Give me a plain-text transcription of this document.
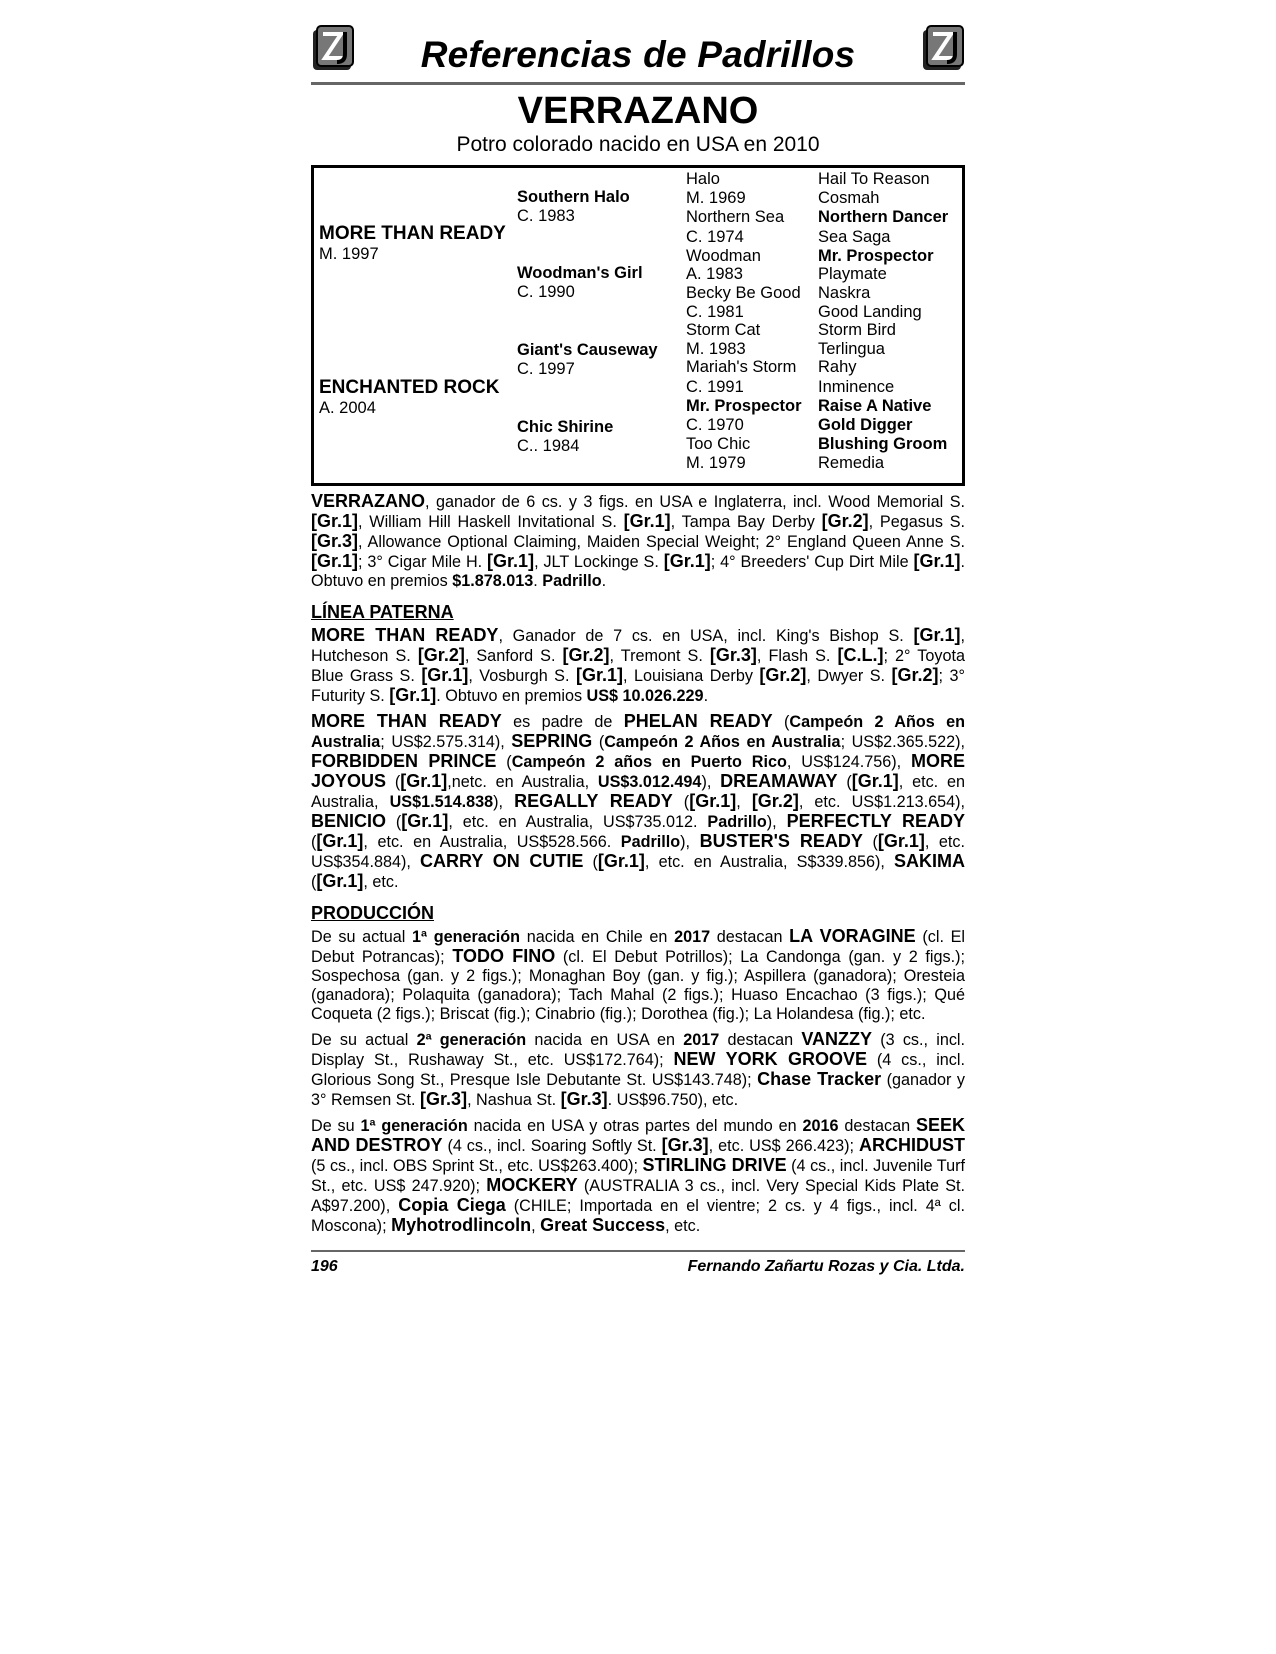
Referencias de Padrillos
VERRAZANO
Potro colorado nacido en USA en 2010
MORE THAN READY
M. 1997
ENCHANTED ROCK
A. 2004
Southern Halo
C. 1983
Woodman's Girl
C. 1990
Giant's Causeway
C. 1997
Chic Shirine
C.. 1984
Halo
M. 1969
Northern Sea
C. 1974
Woodman
A. 1983
Becky Be Good
C. 1981
Storm Cat
M. 1983
Mariah's Storm
C. 1991
Mr. Prospector
C. 1970
Too Chic
M. 1979
Hail To Reason
Cosmah
Northern Dancer
Sea Saga
Mr. Prospector
Playmate
Naskra
Good Landing
Storm Bird
Terlingua
Rahy
Inminence
Raise A Native
Gold Digger
Blushing Groom
Remedia

VERRAZANO, ganador de 6 cs. y 3 figs. en USA e Inglaterra, incl. Wood Memorial S. [Gr.1], William Hill Haskell Invitational S. [Gr.1], Tampa Bay Derby [Gr.2], Pegasus S. [Gr.3], Allowance Optional Claiming, Maiden Special Weight; 2° England Queen Anne S. [Gr.1]; 3° Cigar Mile H. [Gr.1], JLT Lockinge S. [Gr.1]; 4° Breeders' Cup Dirt Mile [Gr.1]. Obtuvo en premios $1.878.013. Padrillo.

LÍNEA PATERNA

MORE THAN READY, Ganador de 7 cs. en USA, incl. King's Bishop S. [Gr.1], Hutcheson S. [Gr.2], Sanford S. [Gr.2], Tremont S. [Gr.3], Flash S. [C.L.]; 2° Toyota Blue Grass S. [Gr.1], Vosburgh S. [Gr.1], Louisiana Derby [Gr.2], Dwyer S. [Gr.2]; 3° Futurity S. [Gr.1]. Obtuvo en premios US$ 10.026.229.

MORE THAN READY es padre de PHELAN READY (Campeón 2 Años en Australia; US$2.575.314), SEPRING (Campeón 2 Años en Australia; US$2.365.522), FORBIDDEN PRINCE (Campeón 2 años en Puerto Rico, US$124.756), MORE JOYOUS ([Gr.1],netc. en Australia, US$3.012.494), DREAMAWAY ([Gr.1], etc. en Australia, US$1.514.838), REGALLY READY ([Gr.1], [Gr.2], etc. US$1.213.654), BENICIO ([Gr.1], etc. en Australia, US$735.012. Padrillo), PERFECTLY READY ([Gr.1], etc. en Australia, US$528.566. Padrillo), BUSTER'S READY ([Gr.1], etc. US$354.884), CARRY ON CUTIE ([Gr.1], etc. en Australia, S$339.856), SAKIMA ([Gr.1], etc.

PRODUCCIÓN

De su actual 1ª generación nacida en Chile en 2017 destacan LA VORAGINE (cl. El Debut Potrancas); TODO FINO (cl. El Debut Potrillos); La Candonga (gan. y 2 figs.); Sospechosa (gan. y 2 figs.); Monaghan Boy (gan. y fig.); Aspillera (ganadora); Oresteia (ganadora); Polaquita (ganadora); Tach Mahal (2 figs.); Huaso Encachao (3 figs.); Qué Coqueta (2 figs.); Briscat (fig.); Cinabrio (fig.); Dorothea (fig.); La Holandesa (fig.); etc.

De su actual 2ª generación nacida en USA en 2017 destacan VANZZY (3 cs., incl. Display St., Rushaway St., etc. US$172.764); NEW YORK GROOVE (4 cs., incl. Glorious Song St., Presque Isle Debutante St. US$143.748); Chase Tracker (ganador y 3° Remsen St. [Gr.3], Nashua St. [Gr.3]. US$96.750), etc.

De su 1ª generación nacida en USA y otras partes del mundo en 2016 destacan SEEK AND DESTROY (4 cs., incl. Soaring Softly St. [Gr.3], etc. US$ 266.423); ARCHIDUST (5 cs., incl. OBS Sprint St., etc. US$263.400); STIRLING DRIVE (4 cs., incl. Juvenile Turf St., etc. US$ 247.920); MOCKERY (AUSTRALIA 3 cs., incl. Very Special Kids Plate St. A$97.200), Copia Ciega (CHILE; Importada en el vientre; 2 cs. y 4 figs., incl. 4ª cl. Moscona); Myhotrodlincoln, Great Success, etc.

196	Fernando Zañartu Rozas y Cia. Ltda.
